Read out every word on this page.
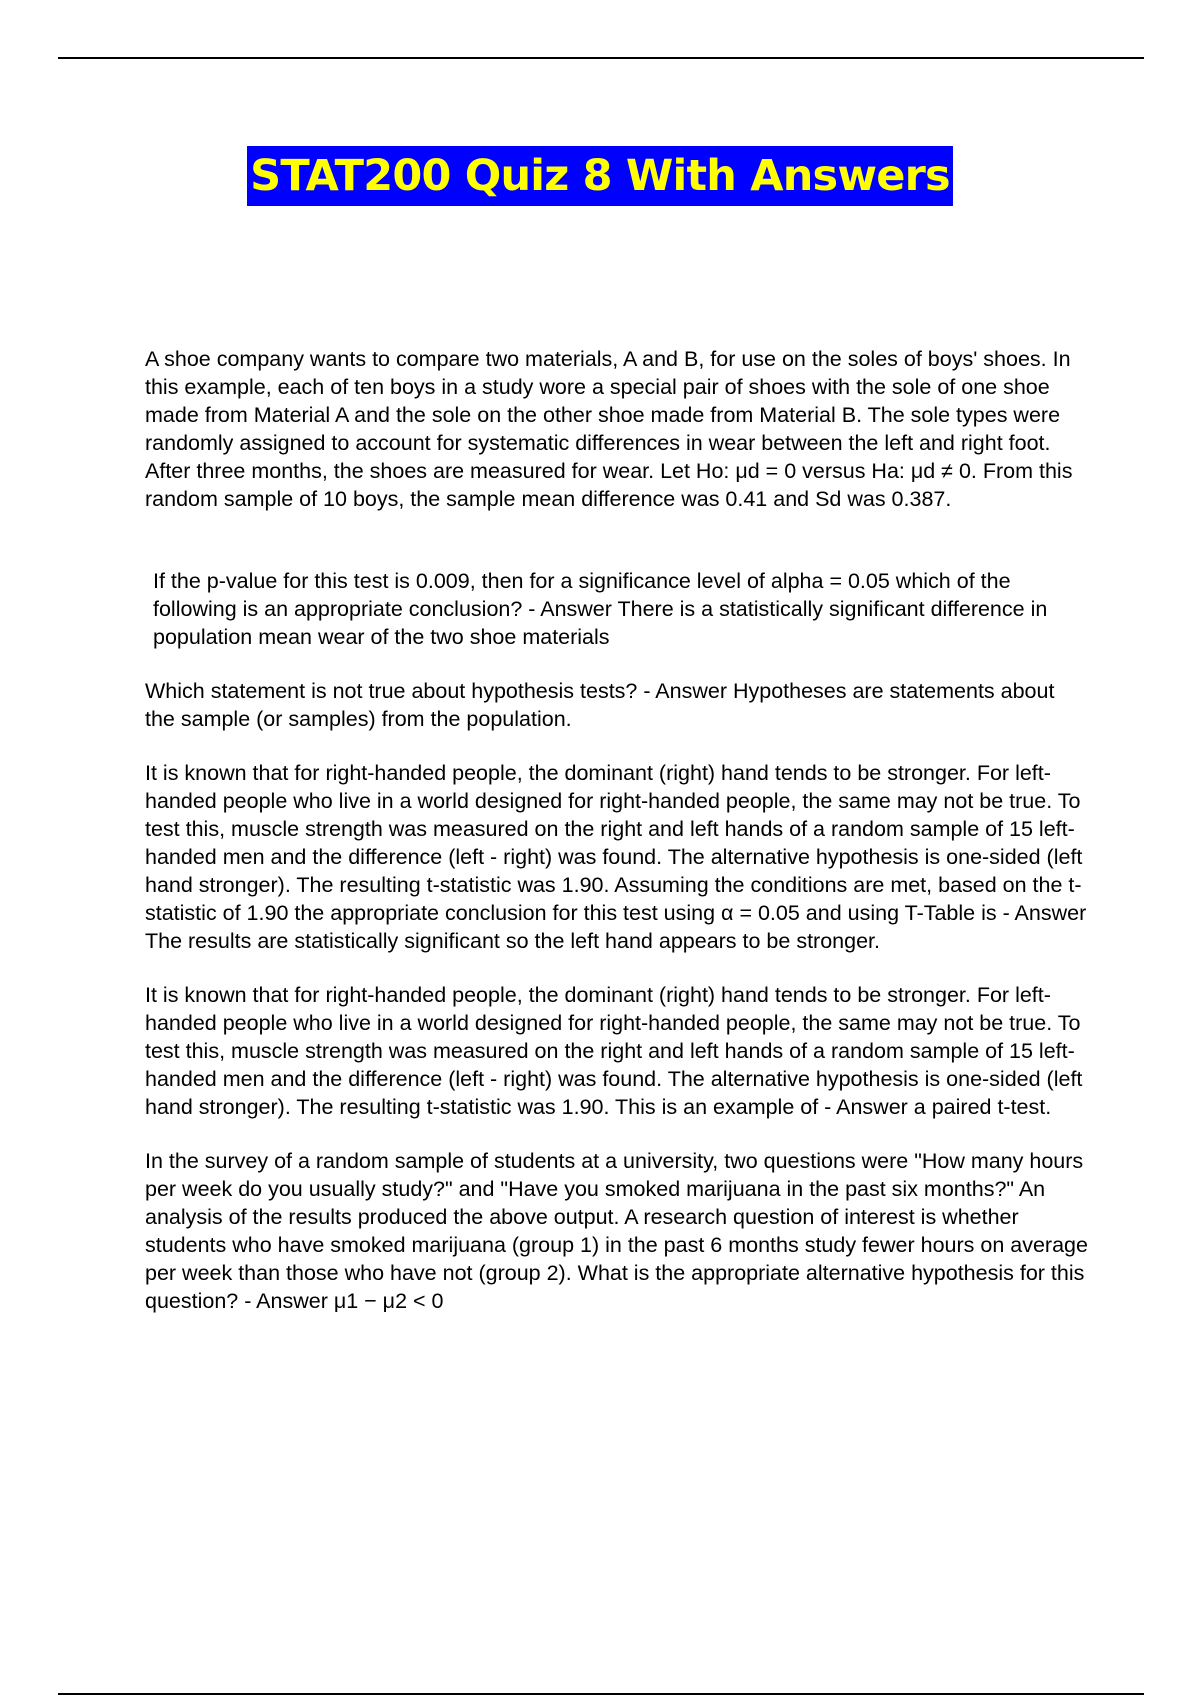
STAT200 Quiz 8 With Answers

A shoe company wants to compare two materials, A and B, for use on the soles of boys' shoes. In this example, each of ten boys in a study wore a special pair of shoes with the sole of one shoe made from Material A and the sole on the other shoe made from Material B. The sole types were randomly assigned to account for systematic differences in wear between the left and right foot. After three months, the shoes are measured for wear. Let Ho: μd = 0 versus Ha: μd ≠ 0. From this random sample of 10 boys, the sample mean difference was 0.41 and Sd was 0.387.

If the p-value for this test is 0.009, then for a significance level of alpha = 0.05 which of the following is an appropriate conclusion? - Answer There is a statistically significant difference in population mean wear of the two shoe materials

Which statement is not true about hypothesis tests? - Answer Hypotheses are statements about the sample (or samples) from the population.

It is known that for right-handed people, the dominant (right) hand tends to be stronger. For left-handed people who live in a world designed for right-handed people, the same may not be true. To test this, muscle strength was measured on the right and left hands of a random sample of 15 left-handed men and the difference (left - right) was found. The alternative hypothesis is one-sided (left hand stronger). The resulting t-statistic was 1.90. Assuming the conditions are met, based on the t-statistic of 1.90 the appropriate conclusion for this test using α = 0.05 and using T-Table is - Answer The results are statistically significant so the left hand appears to be stronger.

It is known that for right-handed people, the dominant (right) hand tends to be stronger. For left-handed people who live in a world designed for right-handed people, the same may not be true. To test this, muscle strength was measured on the right and left hands of a random sample of 15 left-handed men and the difference (left - right) was found. The alternative hypothesis is one-sided (left hand stronger). The resulting t-statistic was 1.90. This is an example of - Answer a paired t-test.

In the survey of a random sample of students at a university, two questions were "How many hours per week do you usually study?" and "Have you smoked marijuana in the past six months?" An analysis of the results produced the above output. A research question of interest is whether students who have smoked marijuana (group 1) in the past 6 months study fewer hours on average per week than those who have not (group 2). What is the appropriate alternative hypothesis for this question? - Answer μ1 − μ2 < 0
